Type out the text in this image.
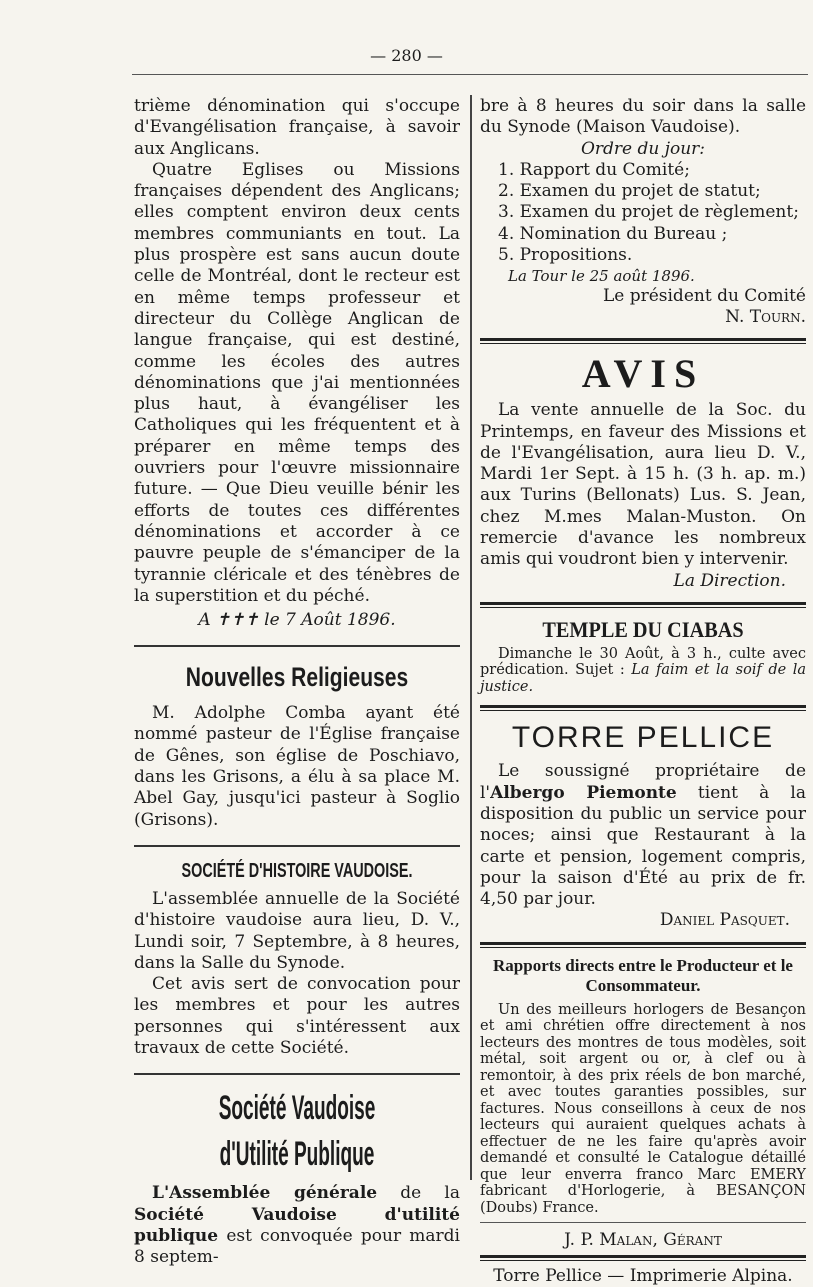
— 280 —

trième dénomination qui s'occupe d'Evangélisation française, à savoir aux Anglicans.

Quatre Eglises ou Missions françaises dépendent des Anglicans; elles comptent environ deux cents membres communiants en tout. La plus prospère est sans aucun doute celle de Montréal, dont le recteur est en même temps professeur et directeur du Collège Anglican de langue française, qui est destiné, comme les écoles des autres dénominations que j'ai mentionnées plus haut, à évangéliser les Catholiques qui les fréquentent et à préparer en même temps des ouvriers pour l'œuvre missionnaire future. — Que Dieu veuille bénir les efforts de toutes ces différentes dénominations et accorder à ce pauvre peuple de s'émanciper de la tyrannie cléricale et des ténèbres de la superstition et du péché.

A ✝✝✝ le 7 Août 1896.
Nouvelles Religieuses

M. Adolphe Comba ayant été nommé pasteur de l'Église française de Gênes, son église de Poschiavo, dans les Grisons, a élu à sa place M. Abel Gay, jusqu'ici pasteur à Soglio (Grisons).

SOCIÉTÉ D'HISTOIRE VAUDOISE.

L'assemblée annuelle de la Société d'histoire vaudoise aura lieu, D. V., Lundi soir, 7 Septembre, à 8 heures, dans la Salle du Synode.

Cet avis sert de convocation pour les membres et pour les autres personnes qui s'intéressent aux travaux de cette Société.

Société Vaudoise d'Utilité Publique

L'Assemblée générale de la Société Vaudoise d'utilité publique est convoquée pour mardi 8 septem-

bre à 8 heures du soir dans la salle du Synode (Maison Vaudoise).

Ordre du jour:
1. Rapport du Comité;
2. Examen du projet de statut;
3. Examen du projet de règlement;
4. Nomination du Bureau ;
5. Propositions.
La Tour le 25 août 1896.
Le président du Comité
N. Tourn.
AVIS

La vente annuelle de la Soc. du Printemps, en faveur des Missions et de l'Evangélisation, aura lieu D. V., Mardi 1er Sept. à 15 h. (3 h. ap. m.) aux Turins (Bellonats) Lus. S. Jean, chez M.mes Malan-Muston. On remercie d'avance les nombreux amis qui voudront bien y intervenir.

La Direction.
TEMPLE DU CIABAS

Dimanche le 30 Août, à 3 h., culte avec prédication. Sujet : La faim et la soif de la justice.

TORRE PELLICE

Le soussigné propriétaire de l'Albergo Piemonte tient à la disposition du public un service pour noces; ainsi que Restaurant à la carte et pension, logement compris, pour la saison d'Été au prix de fr. 4,50 par jour.

Daniel Pasquet.
Rapports directs entre le Producteur et le Consommateur.

Un des meilleurs horlogers de Besançon et ami chrétien offre directement à nos lecteurs des montres de tous modèles, soit métal, soit argent ou or, à clef ou à remontoir, à des prix réels de bon marché, et avec toutes garanties possibles, sur factures. Nous conseillons à ceux de nos lecteurs qui auraient quelques achats à effectuer de ne les faire qu'après avoir demandé et consulté le Catalogue détaillé que leur enverra franco Marc EMERY fabricant d'Horlogerie, à BESANÇON (Doubs) France.

J. P. Malan, Gérant
Torre Pellice — Imprimerie Alpina.
